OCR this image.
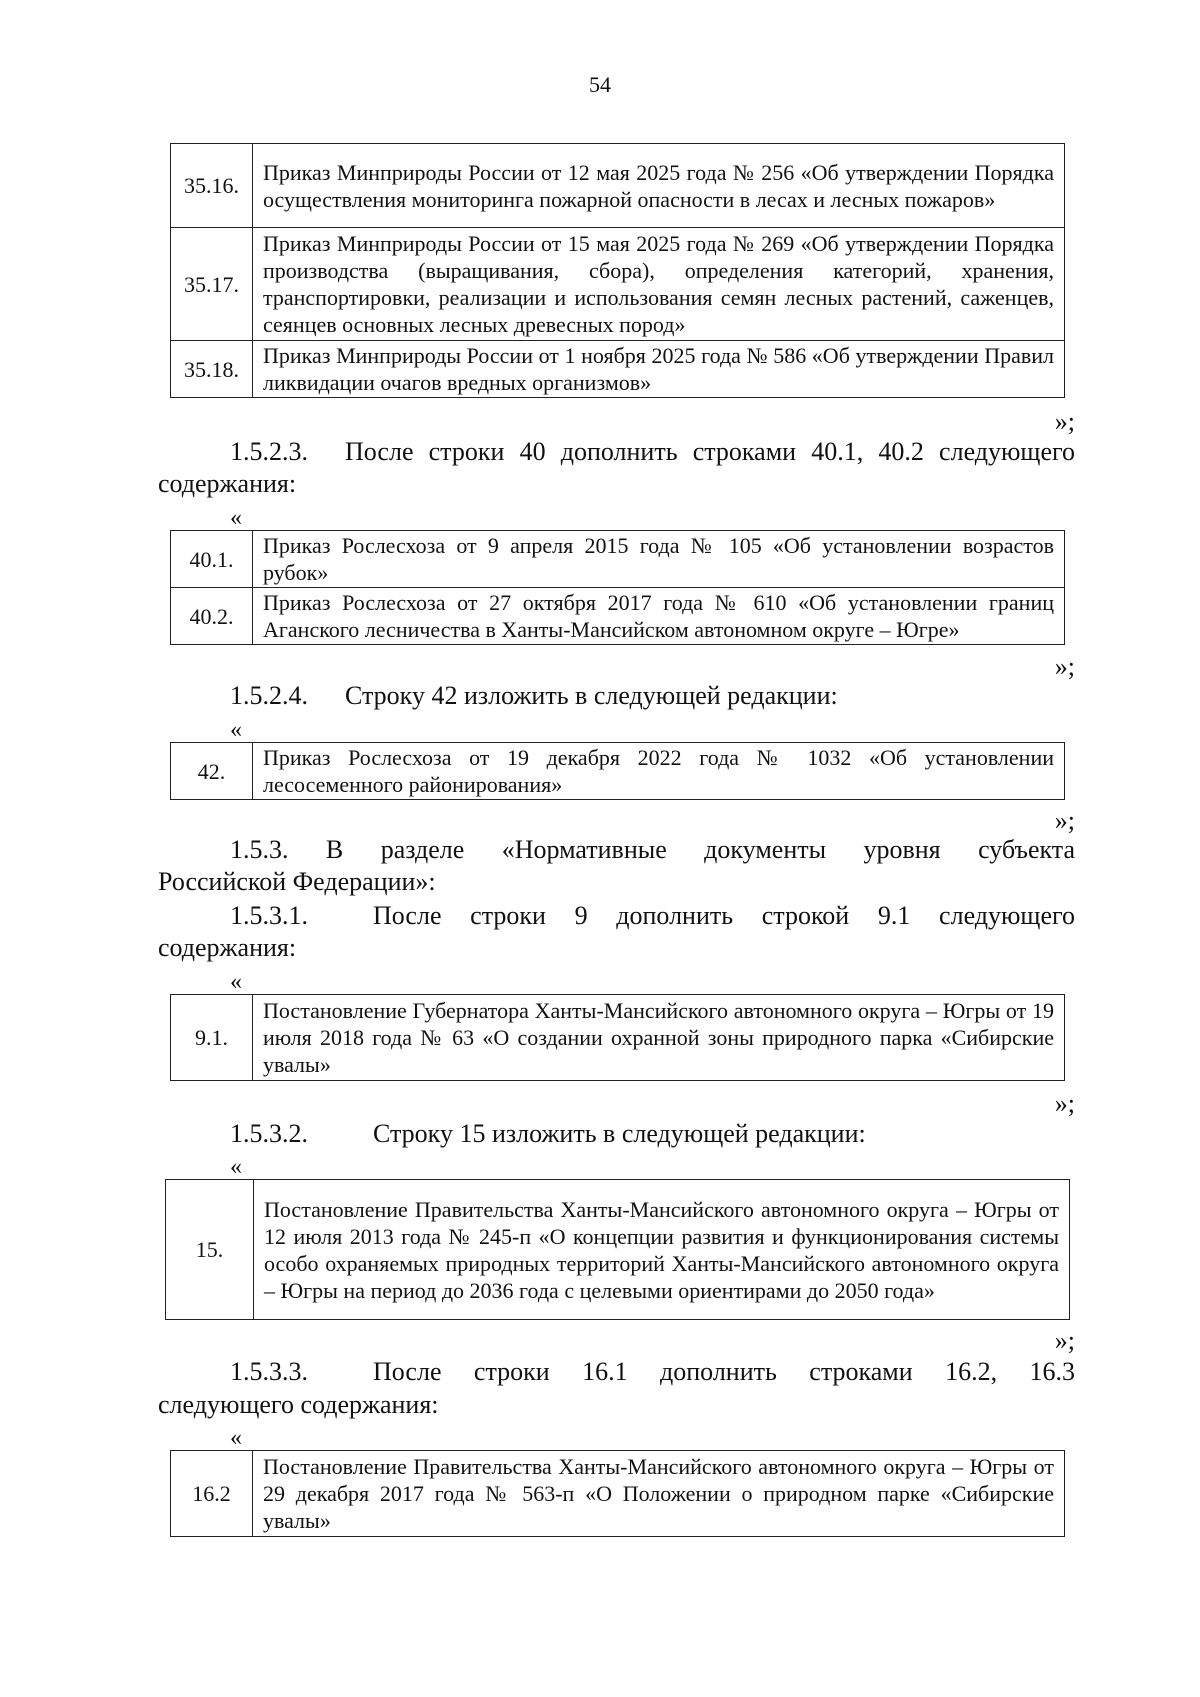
54
35.16.	Приказ Минприроды России от 12 мая 2025 года № 256 «Об утверждении Порядка осуществления мониторинга пожарной опасности в лесах и лесных пожаров»
35.17.	Приказ Минприроды России от 15 мая 2025 года № 269 «Об утверждении Порядка производства (выращивания, сбора), определения категорий, хранения, транспортировки, реализации и использования семян лесных растений, саженцев, сеянцев основных лесных древесных пород»
35.18.	Приказ Минприроды России от 1 ноября 2025 года № 586 «Об утверждении Правил ликвидации очагов вредных организмов»
»;
1.5.2.3. После строки 40 дополнить строками 40.1, 40.2 следующего
содержания:
«
40.1.	Приказ Рослесхоза от 9 апреля 2015 года № 105 «Об установлении возрастов рубок»
40.2.	Приказ Рослесхоза от 27 октября 2017 года № 610 «Об установлении границ Аганского лесничества в Ханты-Мансийском автономном округе – Югре»
»;
1.5.2.4. Строку 42 изложить в следующей редакции:
«
42.	Приказ Рослесхоза от 19 декабря 2022 года № 1032 «Об установлении лесосеменного районирования»
»;
1.5.3. В разделе «Нормативные документы уровня субъекта
Российской Федерации»:
1.5.3.1.	После строки 9 дополнить строкой 9.1 следующего
содержания:
«
9.1.	Постановление Губернатора Ханты-Мансийского автономного округа – Югры от 19 июля 2018 года № 63 «О создании охранной зоны природного парка «Сибирские увалы»
»;
1.5.3.2.	Строку 15 изложить в следующей редакции:
«
15.	Постановление Правительства Ханты-Мансийского автономного округа – Югры от 12 июля 2013 года № 245-п «О концепции развития и функционирования системы особо охраняемых природных территорий Ханты-Мансийского автономного округа – Югры на период до 2036 года с целевыми ориентирами до 2050 года»
»;
1.5.3.3.	После строки 16.1 дополнить строками 16.2, 16.3
следующего содержания:
«
16.2	Постановление Правительства Ханты-Мансийского автономного округа – Югры от 29 декабря 2017 года № 563-п «О Положении о природном парке «Сибирские увалы»
